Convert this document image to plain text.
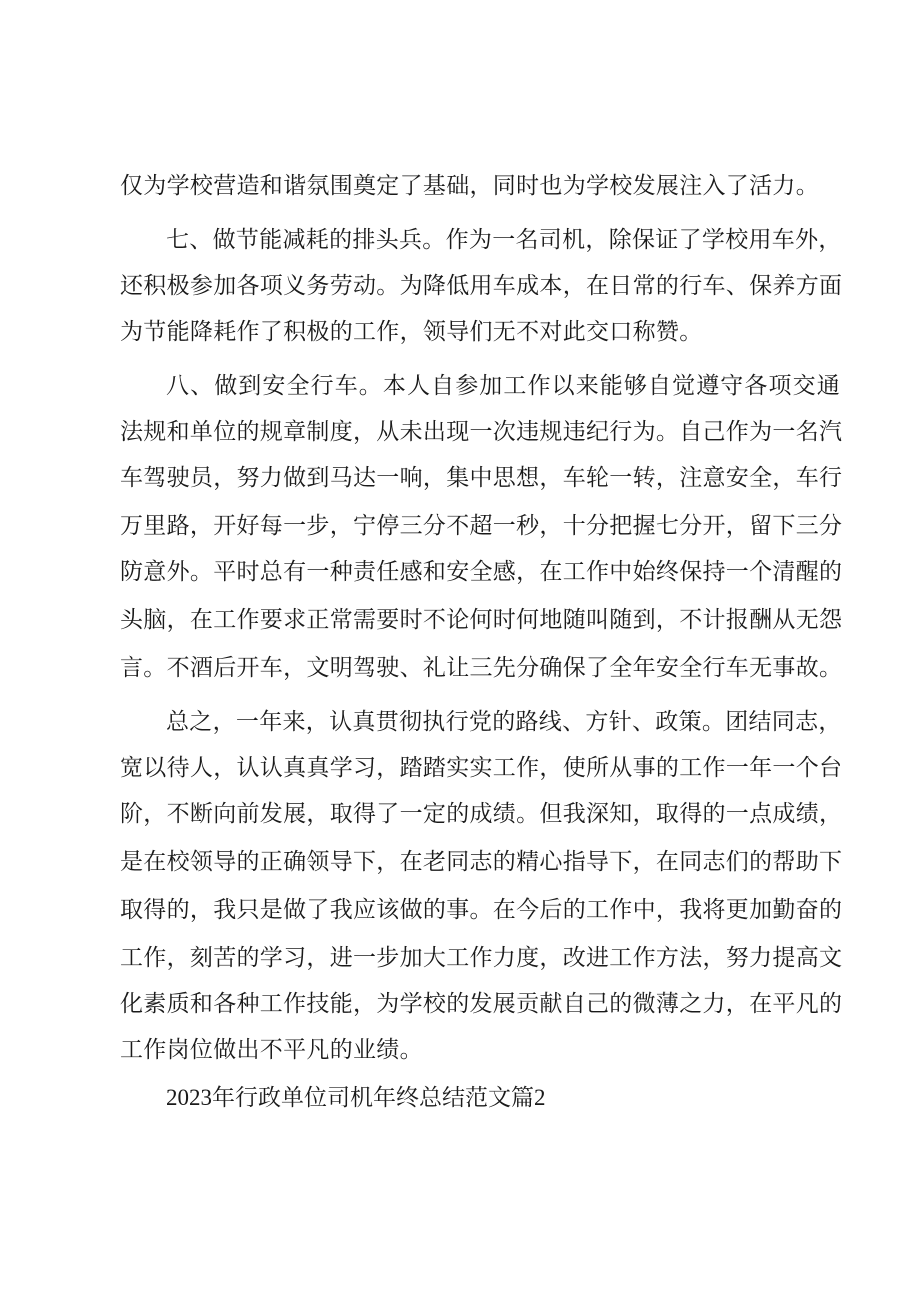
仅为学校营造和谐氛围奠定了基础，同时也为学校发展注入了活力。
七、做节能减耗的排头兵。作为一名司机，除保证了学校用车外，
还积极参加各项义务劳动。为降低用车成本，在日常的行车、保养方面
为节能降耗作了积极的工作，领导们无不对此交口称赞。
八、做到安全行车。本人自参加工作以来能够自觉遵守各项交通
法规和单位的规章制度，从未出现一次违规违纪行为。自己作为一名汽
车驾驶员，努力做到马达一响，集中思想，车轮一转，注意安全，车行
万里路，开好每一步，宁停三分不超一秒，十分把握七分开，留下三分
防意外。平时总有一种责任感和安全感，在工作中始终保持一个清醒的
头脑，在工作要求正常需要时不论何时何地随叫随到，不计报酬从无怨
言。不酒后开车，文明驾驶、礼让三先分确保了全年安全行车无事故。
总之，一年来，认真贯彻执行党的路线、方针、政策。团结同志，
宽以待人，认认真真学习，踏踏实实工作，使所从事的工作一年一个台
阶，不断向前发展，取得了一定的成绩。但我深知，取得的一点成绩，
是在校领导的正确领导下，在老同志的精心指导下，在同志们的帮助下
取得的，我只是做了我应该做的事。在今后的工作中，我将更加勤奋的
工作，刻苦的学习，进一步加大工作力度，改进工作方法，努力提高文
化素质和各种工作技能，为学校的发展贡献自己的微薄之力，在平凡的
工作岗位做出不平凡的业绩。
2023年行政单位司机年终总结范文篇2
